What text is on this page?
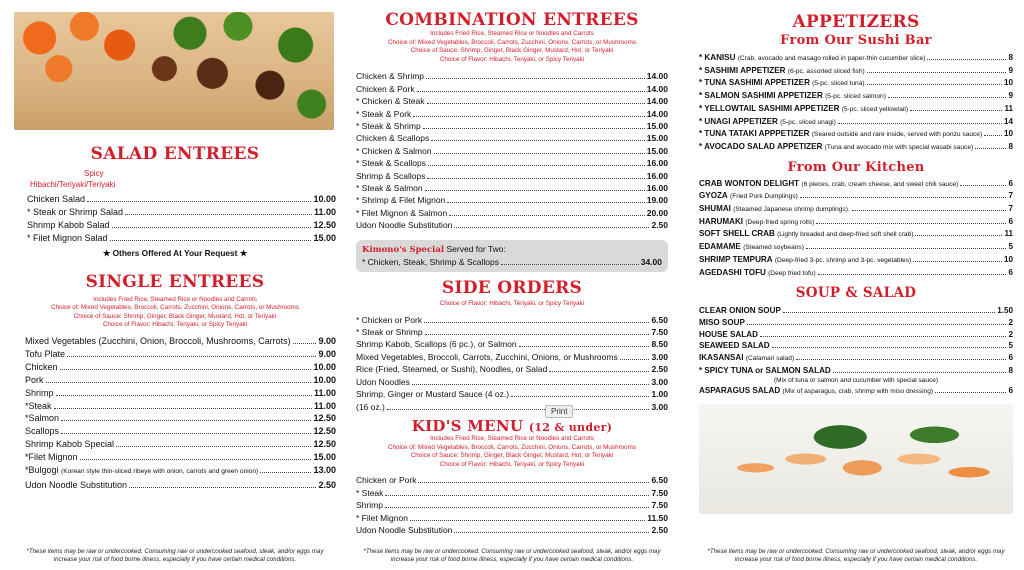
SALAD ENTREES
Spicy
Hibachi/Teriyaki/Teriyaki
Chicken Salad	10.00
* Steak or Shrimp Salad	11.00
Shrimp Kabob Salad	12.50
* Filet Mignon Salad	15.00
★ Others Offered At Your Request ★
SINGLE ENTREES
Includes Fried Rice, Steamed Rice or Noodles and Carrots
Choice of: Mixed Vegetables, Broccoli, Carrots, Zucchini, Onions, Carrots, or Mushrooms
Choice of Sauce: Shrimp, Ginger, Black Ginger, Mustard, Hot, or Teriyaki
Choice of Flavor: Hibachi, Teriyaki, or Spicy Teriyaki
Mixed Vegetables (Zucchini, Onion, Broccoli, Mushrooms, Carrots)	9.00
Tofu Plate	9.00
Chicken	10.00
Pork	10.00
Shrimp	11.00
*Steak	11.00
*Salmon	12.50
Scallops	12.50
Shrimp Kabob Special	12.50
*Filet Mignon	15.00
*Bulgogi (Korean style thin-sliced ribeye with onion, carrots and green onion)	13.00
Udon Noodle Substitution	2.50
COMBINATION ENTREES
Includes Fried Rice, Steamed Rice or Noodles and Carrots
Choice of: Mixed Vegetables, Broccoli, Carrots, Zucchini, Onions, Carrots, or Mushrooms
Choice of Sauce: Shrimp, Ginger, Black Ginger, Mustard, Hot, or Teriyaki
Choice of Flavor: Hibachi, Teriyaki, or Spicy Teriyaki
Chicken & Shrimp	14.00
Chicken & Pork	14.00
* Chicken & Steak	14.00
* Steak & Pork	14.00
* Steak & Shrimp	15.00
Chicken & Scallops	15.00
* Chicken & Salmon	15.00
* Steak & Scallops	16.00
Shrimp & Scallops	16.00
* Steak & Salmon	16.00
* Shrimp & Filet Mignon	19.00
* Filet Mignon & Salmon	20.00
Udon Noodle Substitution	2.50
Kimono's Special Served for Two:
* Chicken, Steak, Shrimp & Scallops	34.00
SIDE ORDERS
Choice of Flavor: Hibachi, Teriyaki, or Spicy Teriyaki
* Chicken or Pork	6.50
* Steak or Shrimp	7.50
Shrimp Kabob, Scallops (6 pc.), or Salmon	8.50
Mixed Vegetables, Broccoli, Carrots, Zucchini, Onions, or Mushrooms	3.00
Rice (Fried, Steamed, or Sushi), Noodles, or Salad	2.50
Udon Noodles	3.00
Shrimp, Ginger or Mustard Sauce (4 oz.)	1.00
(16 oz.)	3.00
KID'S MENU (12 & under)
Includes Fried Rice, Steamed Rice or Noodles and Carrots
Choice of: Mixed Vegetables, Broccoli, Carrots, Zucchini, Onions, Carrots, or Mushrooms
Choice of Sauce: Shrimp, Ginger, Black Ginger, Mustard, Hot, or Teriyaki
Choice of Flavor: Hibachi, Teriyaki, or Spicy Teriyaki
Chicken or Pork	6.50
* Steak	7.50
Shrimp	7.50
* Filet Mignon	11.50
Udon Noodle Substitution	2.50
APPETIZERS
From Our Sushi Bar
* KANISU (Crab, avocado and masago rolled in paper-thin cucumber slice)	8
* SASHIMI APPETIZER (6-pc. assorted sliced fish)	9
* TUNA SASHIMI APPETIZER (5-pc. sliced tuna)	10
* SALMON SASHIMI APPETIZER (5-pc. sliced salmon)	9
* YELLOWTAIL SASHIMI APPETIZER (5-pc. sliced yellowtail)	11
* UNAGI APPETIZER (5-pc. sliced unagi)	14
* TUNA TATAKI APPPETIZER (Seared outside and rare inside, served with ponzu sauce)	10
* AVOCADO SALAD APPETIZER (Tuna and avocado mix with special wasabi sauce)	8
From Our Kitchen
CRAB WONTON DELIGHT (6 pieces, crab, cream cheese, and sweet chili sauce)	6
GYOZA (Fried Pork Dumplings)	7
SHUMAI (Steamed Japanese shrimp dumplings).	7
HARUMAKI (Deep-fried spring rolls)	6
SOFT SHELL CRAB (Lightly breaded and deep-fried soft shell crab)	11
EDAMAME (Steamed soybeans)	5
SHRIMP TEMPURA (Deep-fried 3-pc. shrimp and 3-pc. vegetables)	10
AGEDASHI TOFU (Deep fried tofu)	6
SOUP & SALAD
CLEAR ONION SOUP	1.50
MISO SOUP	2
HOUSE SALAD	2
SEAWEED SALAD	5
IKASANSAI (Calamari salad)	6
* SPICY TUNA or SALMON SALAD	8
(Mix of tuna or salmon and cucumber with special sauce)
ASPARAGUS SALAD (Mix of asparagus, crab, shrimp with miso dressing)	6
*These items may be raw or undercooked. Consuming raw or undercooked seafood, steak, and/or eggs may increase your risk of food borne illness, especially if you have certain medical conditions.
*These items may be raw or undercooked. Consuming raw or undercooked seafood, steak, and/or eggs may increase your risk of food borne illness, especially if you have certain medical conditions.
*These items may be raw or undercooked. Consuming raw or undercooked seafood, steak, and/or eggs may increase your risk of food borne illness, especially if you have certain medical conditions.
Print
